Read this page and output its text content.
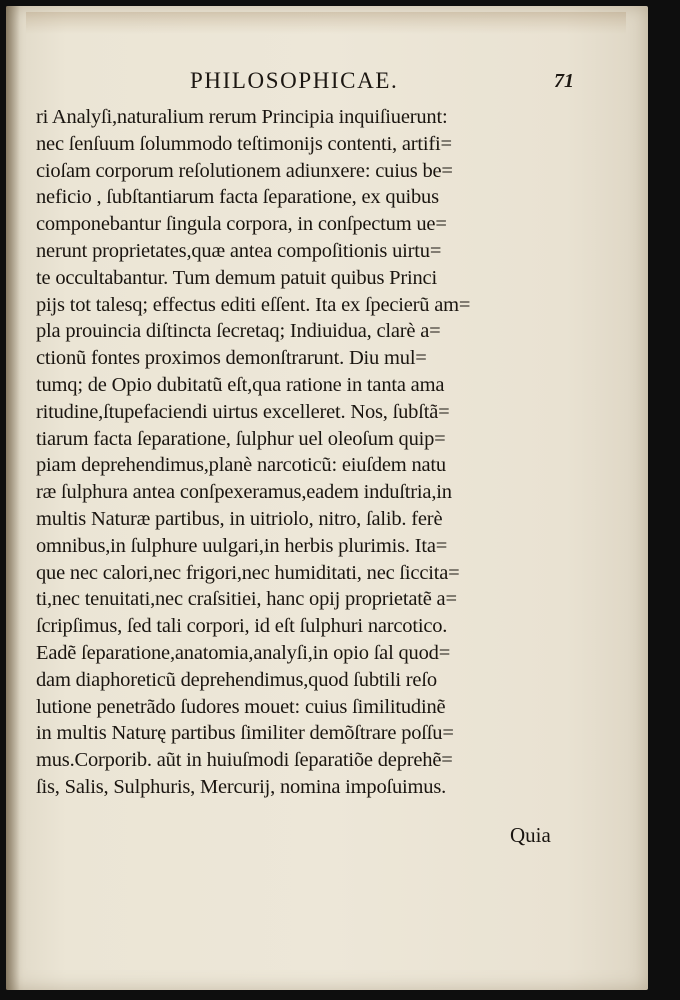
PHILOSOPHICAE.	71
ri Analyſi,naturalium rerum Principia inquiſiuerunt:
nec ſenſuum ſolummodo teſtimonijs contenti, artifi=
cioſam corporum reſolutionem adiunxere: cuius be=
neficio , ſubſtantiarum facta ſeparatione, ex quibus
componebantur ſingula corpora, in conſpectum ue=
nerunt proprietates,quæ antea compoſitionis uirtu=
te occultabantur. Tum demum patuit quibus Princi
pijs tot talesq; effectus editi eſſent. Ita ex ſpecierũ am=
pla prouincia diſtincta ſecretaq; Indiuidua, clarè a=
ctionũ fontes proximos demonſtrarunt. Diu mul=
tumq; de Opio dubitatũ eſt,qua ratione in tanta ama
ritudine,ſtupefaciendi uirtus excelleret. Nos, ſubſtã=
tiarum facta ſeparatione, ſulphur uel oleoſum quip=
piam deprehendimus,planè narcoticũ: eiuſdem natu
ræ ſulphura antea conſpexeramus,eadem induſtria,in
multis Naturæ partibus, in uitriolo, nitro, ſalib. ferè
omnibus,in ſulphure uulgari,in herbis plurimis. Ita=
que nec calori,nec frigori,nec humiditati, nec ſiccita=
ti,nec tenuitati,nec craſsitiei, hanc opij proprietatẽ a=
ſcripſimus, ſed tali corpori, id eſt ſulphuri narcotico.
Eadẽ ſeparatione,anatomia,analyſi,in opio ſal quod=
dam diaphoreticũ deprehendimus,quod ſubtili reſo
lutione penetrãdo ſudores mouet: cuius ſimilitudinẽ
in multis Naturę partibus ſimiliter demõſtrare poſſu=
mus.Corporib. aũt in huiuſmodi ſeparatiõe deprehẽ=
ſis, Salis, Sulphuris, Mercurij, nomina impoſuimus.
Quia
